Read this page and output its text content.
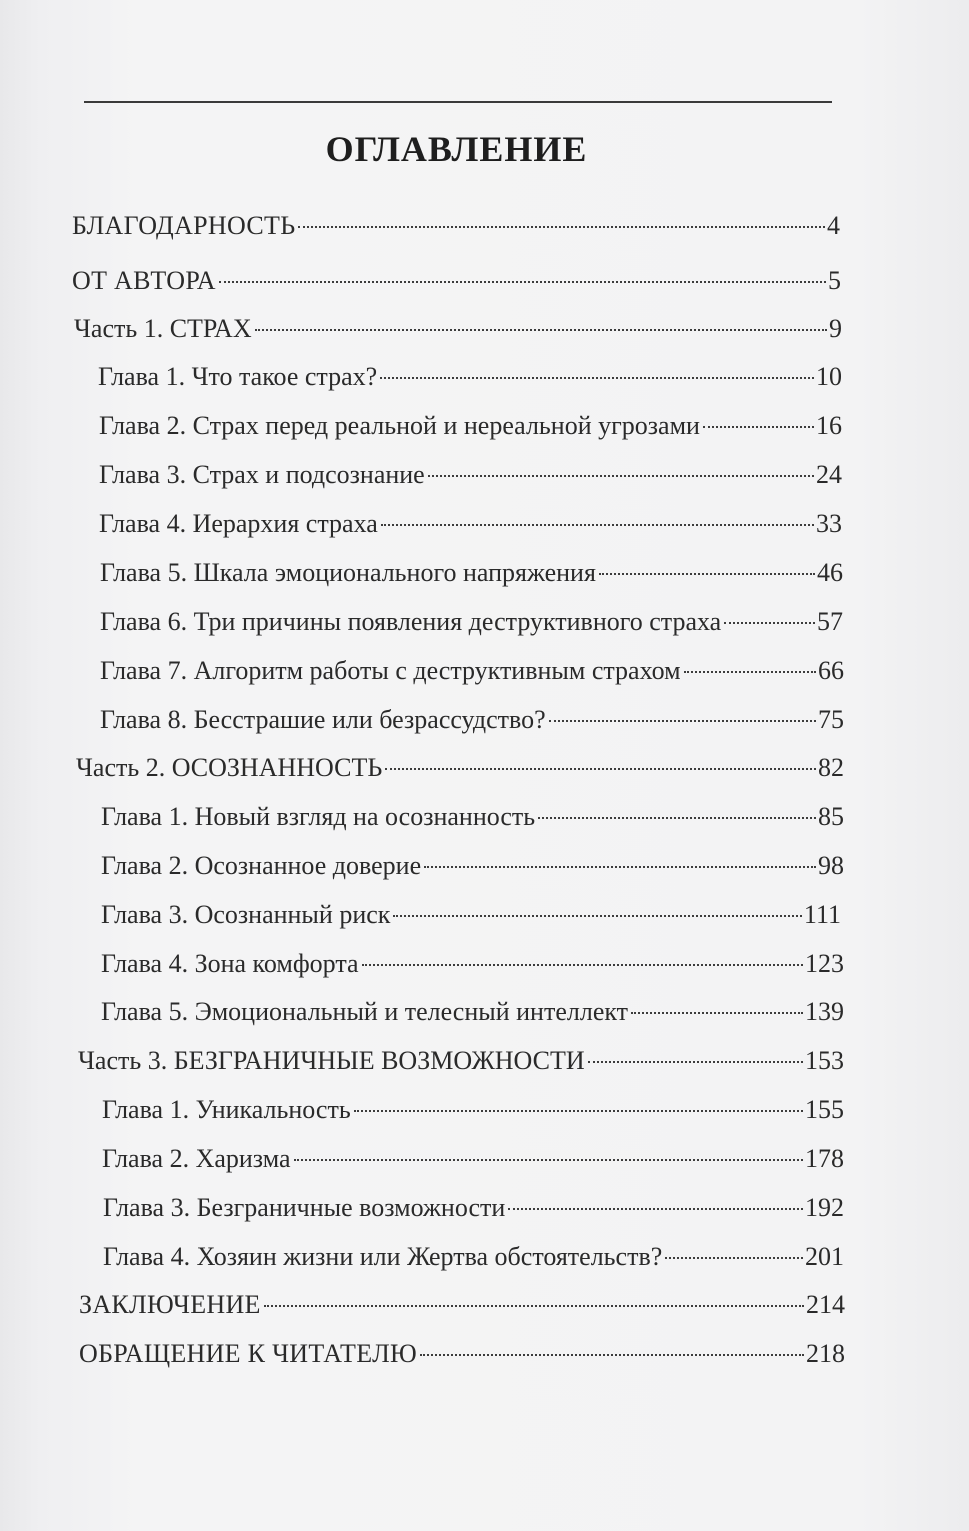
ОГЛАВЛЕНИЕ
БЛАГОДАРНОСТЬ	4
ОТ АВТОРА	5
Часть 1. СТРАХ	9
Глава 1. Что такое страх?	10
Глава 2. Страх перед реальной и нереальной угрозами	16
Глава 3. Страх и подсознание	24
Глава 4. Иерархия страха	33
Глава 5. Шкала эмоционального напряжения	46
Глава 6. Три причины появления деструктивного страха	57
Глава 7. Алгоритм работы с деструктивным страхом	66
Глава 8. Бесстрашие или безрассудство?	75
Часть 2. ОСОЗНАННОСТЬ	82
Глава 1. Новый взгляд на осознанность	85
Глава 2. Осознанное доверие	98
Глава 3. Осознанный риск	111
Глава 4. Зона комфорта	123
Глава 5. Эмоциональный и телесный интеллект	139
Часть 3. БЕЗГРАНИЧНЫЕ ВОЗМОЖНОСТИ	153
Глава 1. Уникальность	155
Глава 2. Харизма	178
Глава 3. Безграничные возможности	192
Глава 4. Хозяин жизни или Жертва обстоятельств?	201
ЗАКЛЮЧЕНИЕ	214
ОБРАЩЕНИЕ К ЧИТАТЕЛЮ	218
